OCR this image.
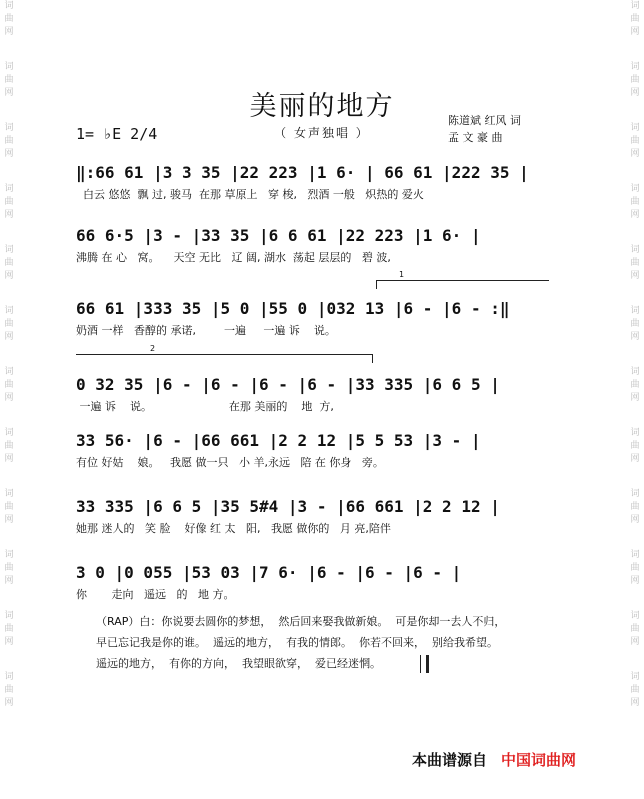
词
曲
网
词
曲
网
词
曲
网
词
曲
网
词
曲
网
词
曲
网
词
曲
网
词
曲
网
词
曲
网
词
曲
网
词
曲
网
词
曲
网
词
曲
网
词
曲
网
词
曲
网
词
曲
网
词
曲
网
词
曲
网
词
曲
网
词
曲
网
词
曲
网
词
曲
网
词
曲
网
词
曲
网
美丽的地方
（ 女声独唱 ）
1= ♭E 2/4
陈道斌 红风 词
孟 文 豪 曲
‖:66 61 |3 3 35 |22 223 |1 6· | 66 61 |222 35 |
白云 悠悠  飘 过, 骏马  在那 草原上   穿 梭,   烈酒 一般   炽热的 爱火
66 6·5 |3 - |33 35 |6 6 61 |22 223 |1 6· |
沸腾 在 心   窝。    天空 无比   辽 阔, 湖水  荡起 层层的   碧 波,
1
66 61 |333 35 |5 0 |55 0 |032 13 |6 - |6 - :‖
奶酒 一样   香醇的 承诺,        一遍     一遍 诉    说。
2
0 32 35 |6 - |6 - |6 - |6 - |33 335 |6 6 5 |
一遍 诉    说。                      在那 美丽的    地  方,
33 56· |6 - |66 661 |2 2 12 |5 5 53 |3 - |
有位 好姑    娘。   我愿 做一只   小 羊,永远   陪 在 你身   旁。
33 335 |6 6 5 |35 5#4 |3 - |66 661 |2 2 12 |
她那 迷人的   笑 脸    好像 红 太   阳,   我愿 做你的   月 亮,陪伴
3 0 |0 055 |53 03 |7 6· |6 - |6 - |6 - |
你       走向   遥远   的   地 方。
（RAP）白：你说要去圆你的梦想，  然后回来娶我做新娘。  可是你却一去人不归，
早已忘记我是你的谁。  遥远的地方，  有我的情郎。  你若不回来，  别给我希望。
遥远的地方，  有你的方向，  我望眼欲穿，  爱已经迷惘。
本曲谱源自 中国词曲网
